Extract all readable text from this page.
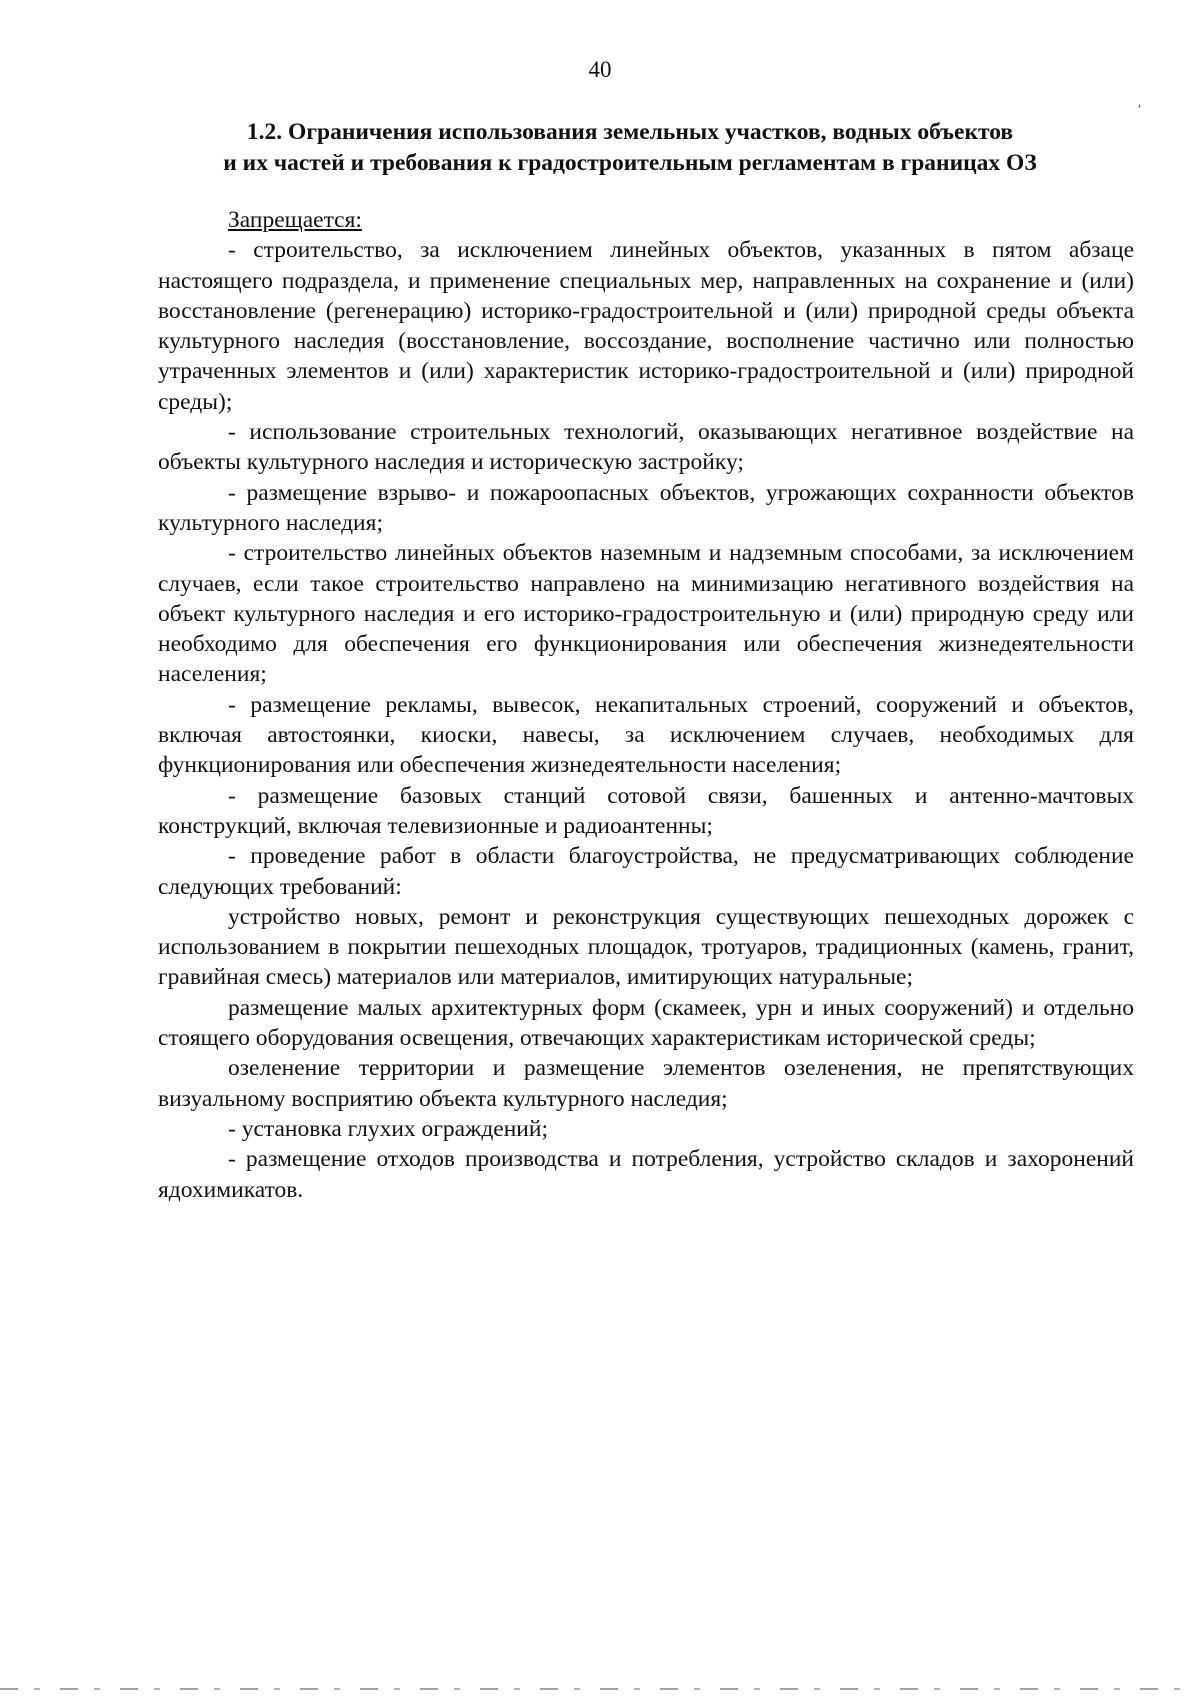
40
1.2. Ограничения использования земельных участков, водных объектов
и их частей и требования к градостроительным регламентам в границах ОЗ

Запрещается:

- строительство, за исключением линейных объектов, указанных в пятом абзаце настоящего подраздела, и применение специальных мер, направленных на сохранение и (или) восстановление (регенерацию) историко-градостроительной и (или) природной среды объекта культурного наследия (восстановление, воссоздание, восполнение частично или полностью утраченных элементов и (или) характеристик историко-градостроительной и (или) природной среды);

- использование строительных технологий, оказывающих негативное воздействие на объекты культурного наследия и историческую застройку;

- размещение взрыво- и пожароопасных объектов, угрожающих сохранности объектов культурного наследия;

- строительство линейных объектов наземным и надземным способами, за исключением случаев, если такое строительство направлено на минимизацию негативного воздействия на объект культурного наследия и его историко-градостроительную и (или) природную среду или необходимо для обеспечения его функционирования или обеспечения жизнедеятельности населения;

- размещение рекламы, вывесок, некапитальных строений, сооружений и объектов, включая автостоянки, киоски, навесы, за исключением случаев, необходимых для функционирования или обеспечения жизнедеятельности населения;

- размещение базовых станций сотовой связи, башенных и антенно-мачтовых конструкций, включая телевизионные и радиоантенны;

- проведение работ в области благоустройства, не предусматривающих соблюдение следующих требований:

устройство новых, ремонт и реконструкция существующих пешеходных дорожек с использованием в покрытии пешеходных площадок, тротуаров, традиционных (камень, гранит, гравийная смесь) материалов или материалов, имитирующих натуральные;

размещение малых архитектурных форм (скамеек, урн и иных сооружений) и отдельно стоящего оборудования освещения, отвечающих характеристикам исторической среды;

озеленение территории и размещение элементов озеленения, не препятствующих визуальному восприятию объекта культурного наследия;

- установка глухих ограждений;

- размещение отходов производства и потребления, устройство складов и захоронений ядохимикатов.

ʹ
